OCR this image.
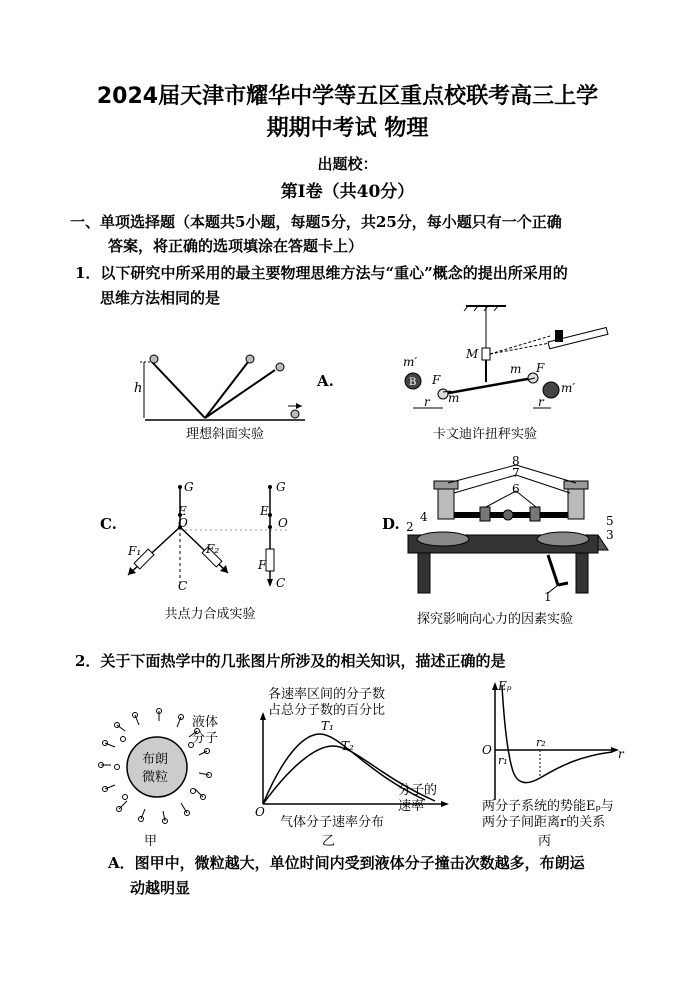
2024届天津市耀华中学等五区重点校联考高三上学
期期中考试 物理
出题校：
第Ⅰ卷（共40分）
一、单项选择题（本题共5小题，每题5分，共25分，每小题只有一个正确
答案，将正确的选项填涂在答题卡上）
1．以下研究中所采用的最主要物理思维方法与“重心”概念的提出所采用的
思维方法相同的是
h	A.
理想斜面实验
M
m′
B F
m
r
m F
r
m′
卡文迪许扭秤实验
C.
G
E
O
F₁	F₂
C
G
E
O
F
C
共点力合成实验
D.
8
7
6
4
2	5
3
1
探究影响向心力的因素实验
2．关于下面热学中的几张图片所涉及的相关知识，描述正确的是
布朗
微粒
液体
分子
甲
各速率区间的分子数
占总分子数的百分比
O
T₁
T₂
分子的
速率
气体分子速率分布
乙
Eₚ
O
r₁
r₂
r
两分子系统的势能Eₚ与
两分子间距离r的关系
丙
A．图甲中，微粒越大，单位时间内受到液体分子撞击次数越多，布朗运
动越明显
